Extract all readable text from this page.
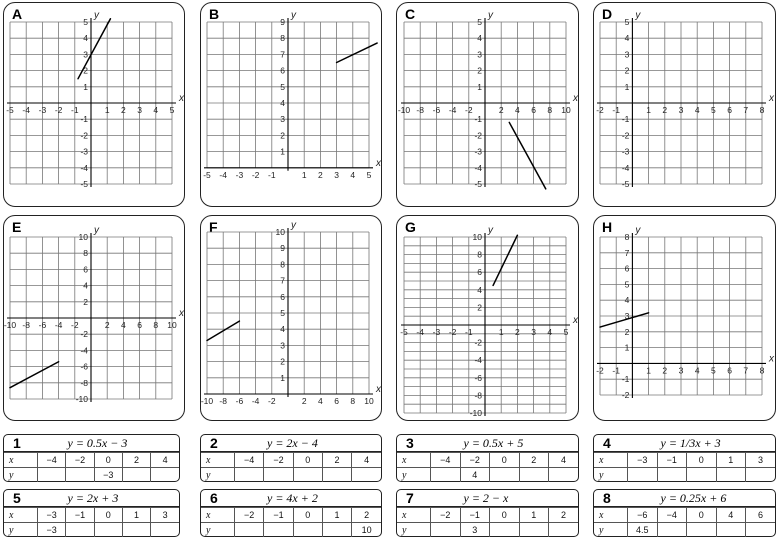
A	B	C	D
E	F	G	H
1	y = 0.5x − 3
x	−4	−2	0	2	4
y			−3		
2	y = 2x − 4
x	−4	−2	0	2	4
y					
3	y = 0.5x + 5
x	−4	−2	0	2	4
y		4			
4	y = 1/3x + 3
x	−3	−1	0	1	3
y					
5	y = 2x + 3
x	−3	−1	0	1	3
y	−3				
6	y = 4x + 2
x	−2	−1	0	1	2
y					10
7	y = 2 − x
x	−2	−1	0	1	2
y		3			
8	y = 0.25x + 6
x	−6	−4	0	4	6
y	4.5				
-5 -4 -3 -2 -1	1 2 3 4 5
5
4
3
2
1
-1
-2
-3
-4
-5
x
y
-5 -4 -3 -2 -1	1 2 3 4 5
9
8
7
6
5
4
3
2
1
x
y
-10 -8 -6 -4 -2	2 4 6 8 10
5
4
3
2
1
-1
-2
-3
-4
-5
x
y
-2 -1	1 2 3 4 5 6 7 8
5
4
3
2
1
-1
-2
-3
-4
-5
x
y
-10 -8 -6 -4 -2	2 4 6 8 10
10
8
6
4
2
-2
-4
-6
-8
-10
x
y
-10 -8 -6 -4 -2	2 4 6 8 10
10
9
8
7
6
5
4
3
2
1
x
y
-5 -4 -3 -2 -1	1 2 3 4 5
10
8
6
4
2
-2
-4
-6
-8
-10
x
y
-2 -1	1 2 3 4 5 6 7 8
8
7
6
5
4
3
2
1
-1
-2
x
y
